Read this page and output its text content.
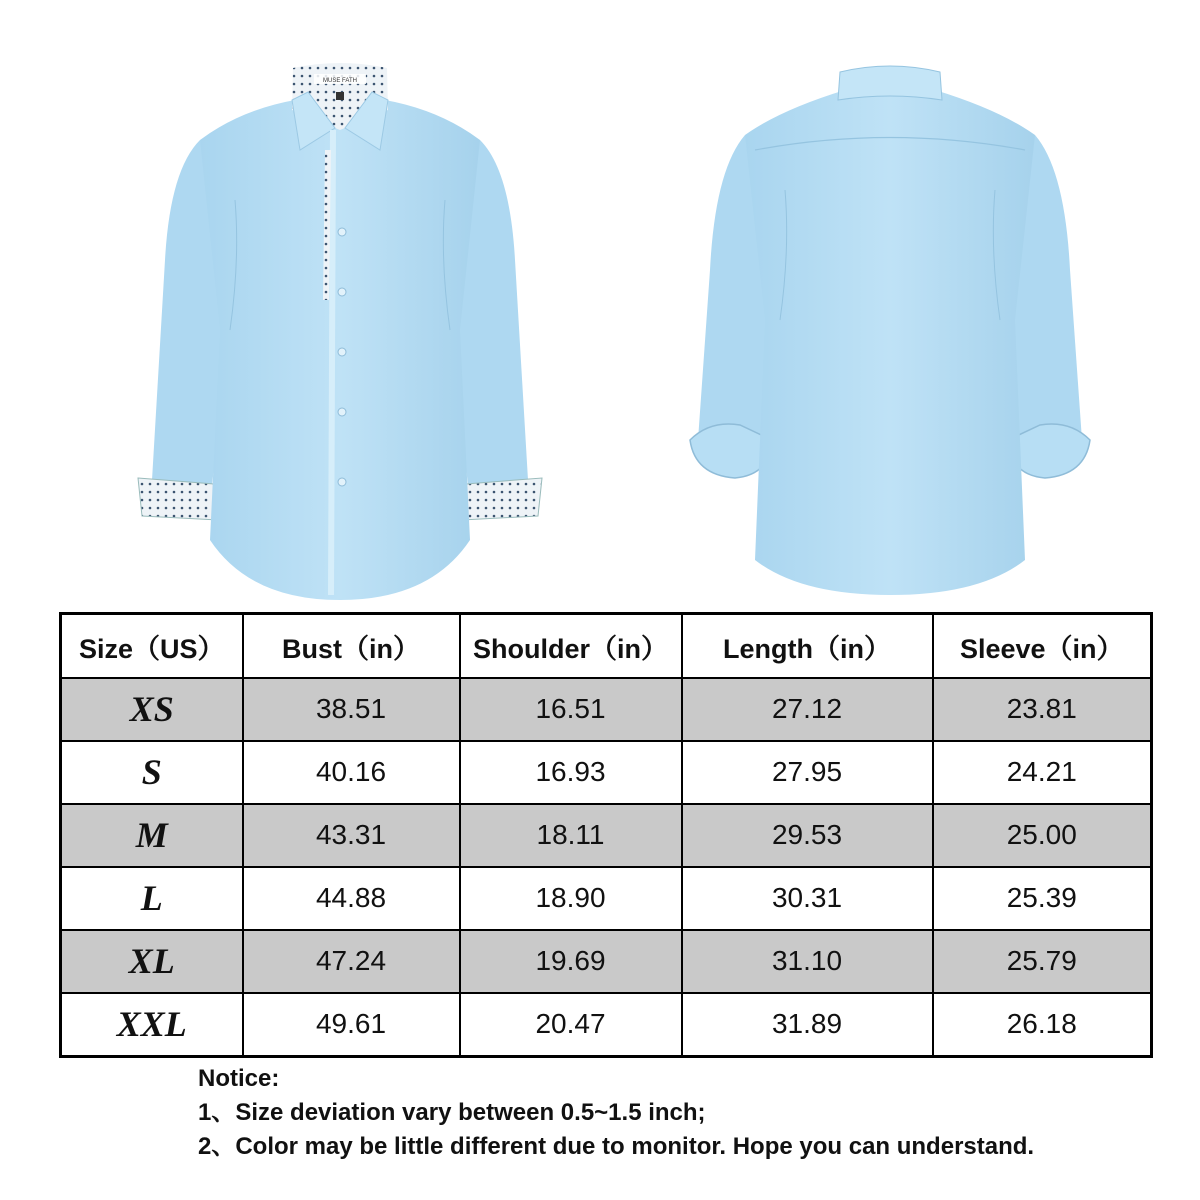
MUSE FATH
Size（US）	Bust（in）	Shoulder（in）	Length（in）	Sleeve（in）
XS	38.51	16.51	27.12	23.81
S	40.16	16.93	27.95	24.21
M	43.31	18.11	29.53	25.00
L	44.88	18.90	30.31	25.39
XL	47.24	19.69	31.10	25.79
XXL	49.61	20.47	31.89	26.18
Notice:
1、Size deviation vary between 0.5~1.5 inch;
2、Color may be little different due to monitor. Hope you can understand.
